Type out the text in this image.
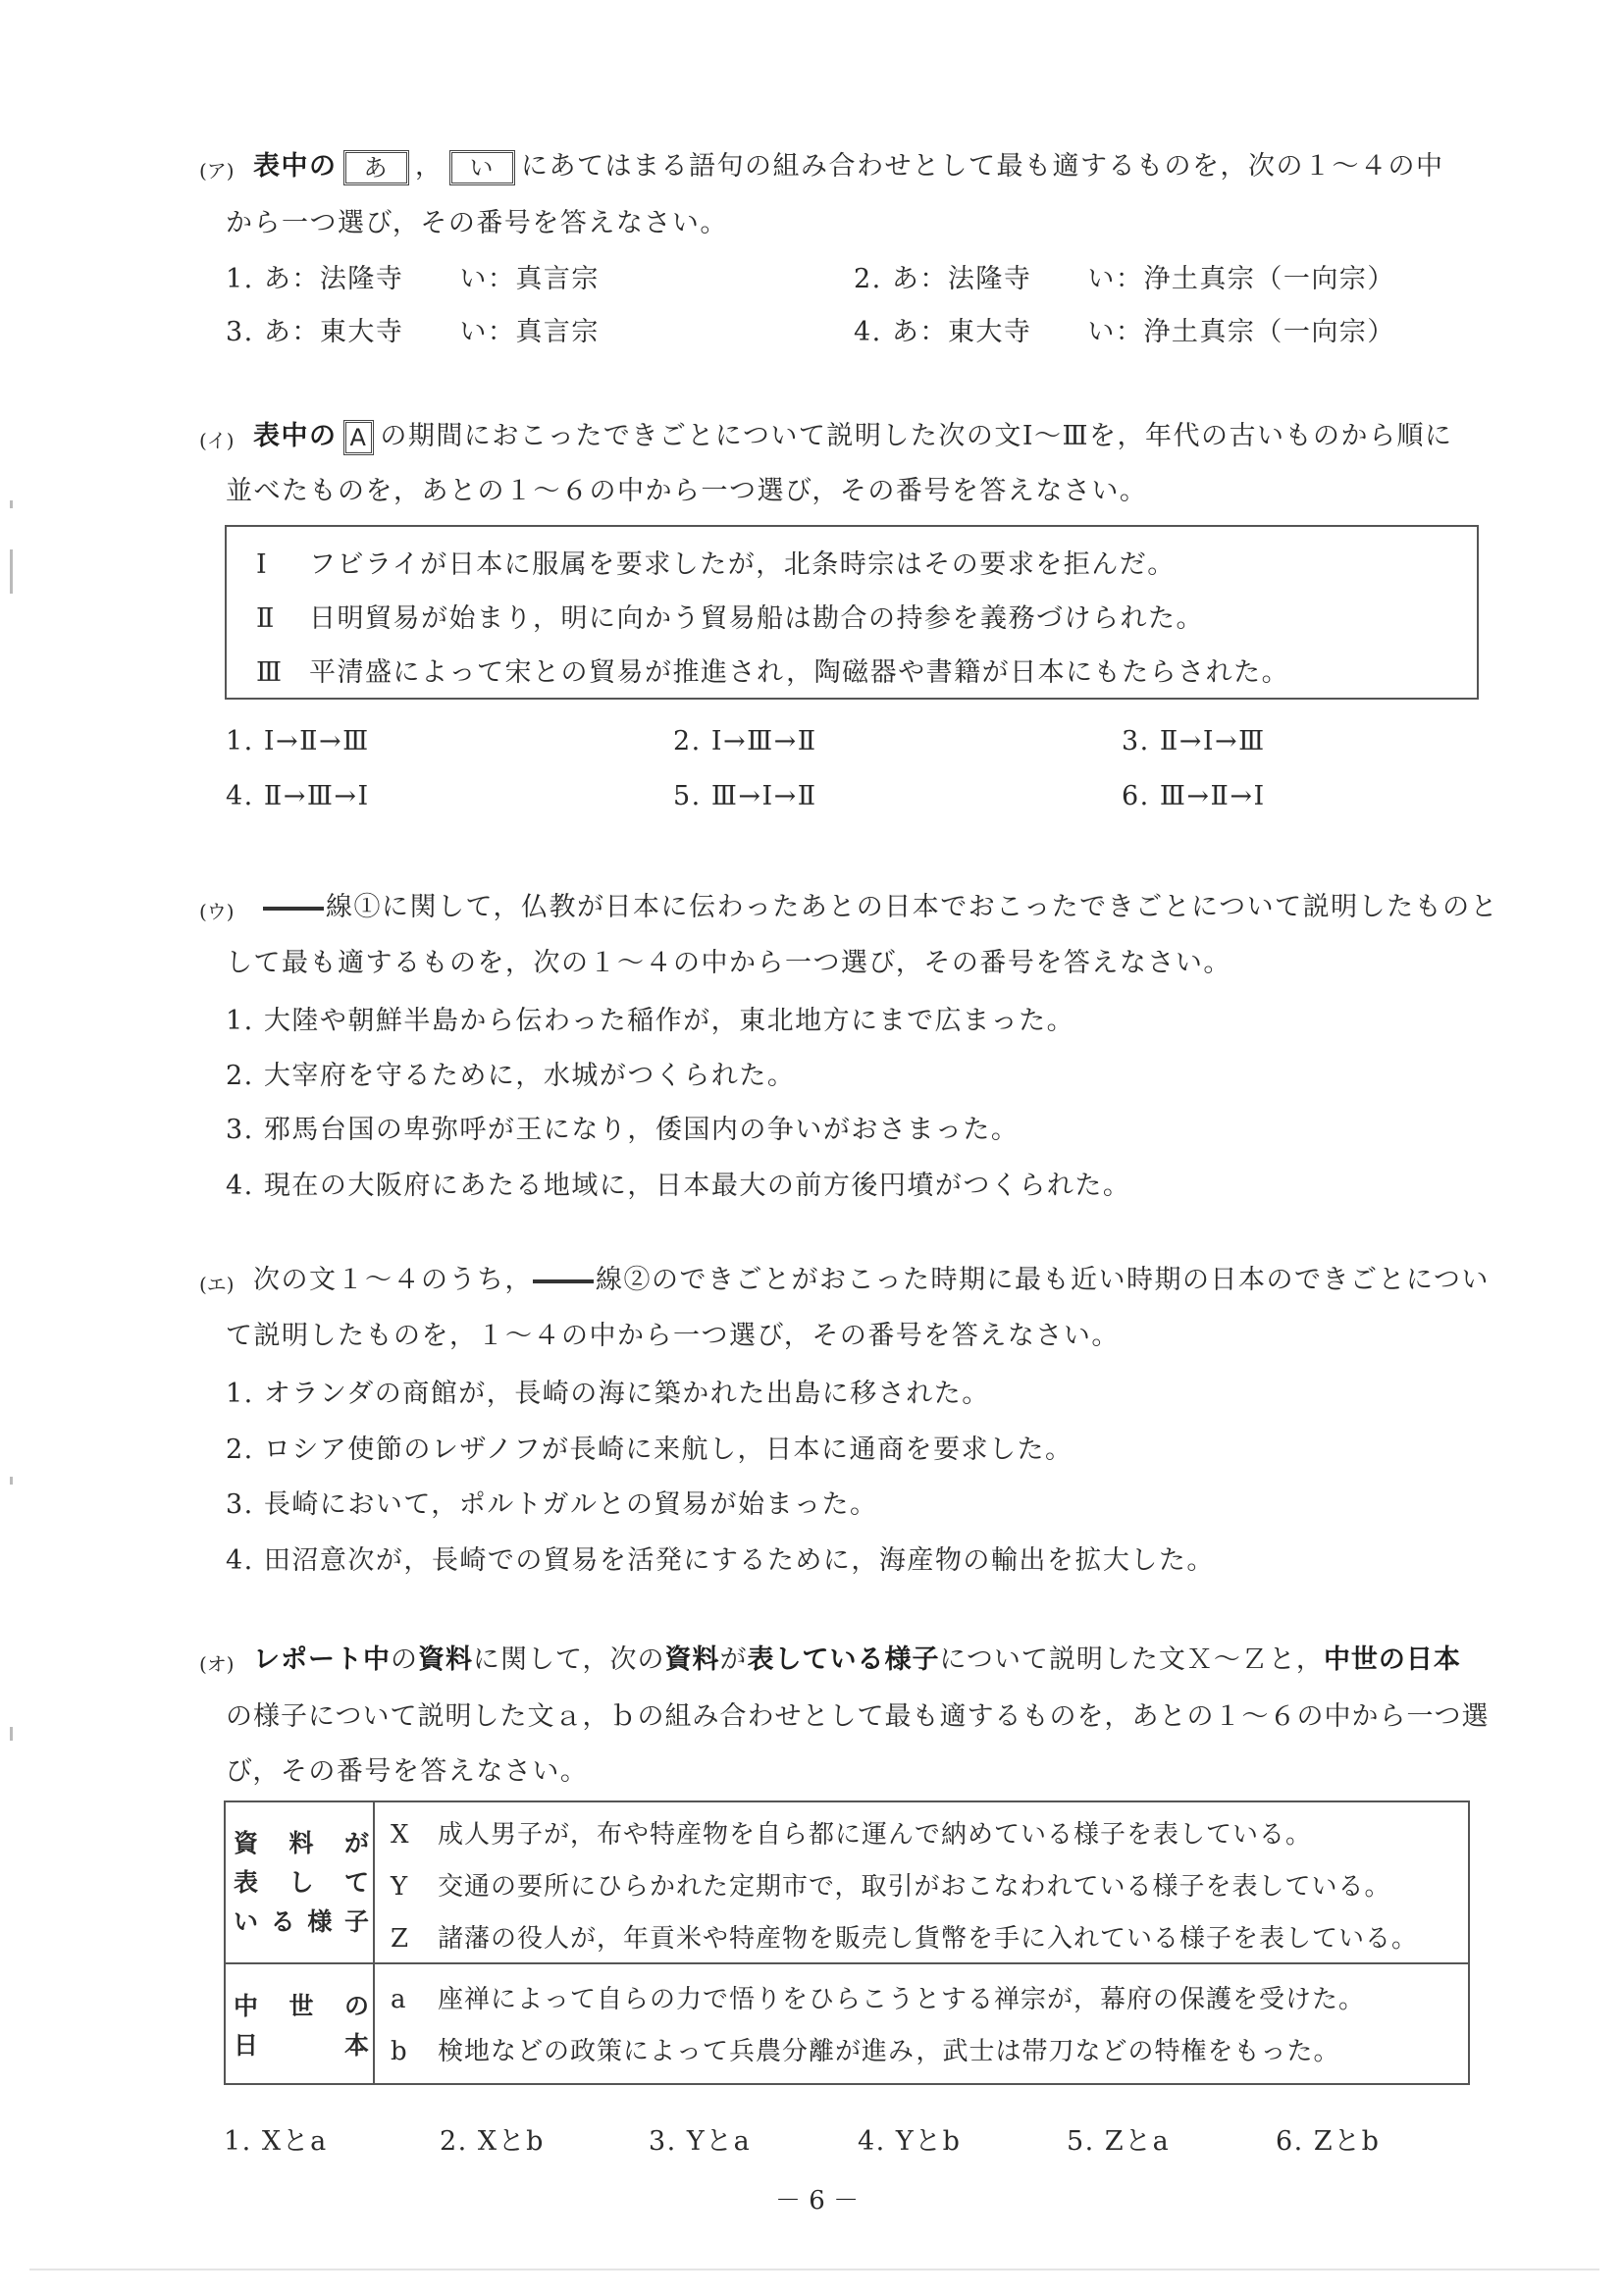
(ア) 表中の あ ， い にあてはまる語句の組み合わせとして最も適するものを，次の１～４の中
から一つ選び，その番号を答えなさい。
1. あ：法隆寺　　い：真言宗	2. あ：法隆寺　　い：浄土真宗（一向宗）
3. あ：東大寺　　い：真言宗	4. あ：東大寺　　い：浄土真宗（一向宗）
(イ) 表中の A の期間におこったできごとについて説明した次の文Ⅰ～Ⅲを，年代の古いものから順に
並べたものを，あとの１～６の中から一つ選び，その番号を答えなさい。
Ⅰ フビライが日本に服属を要求したが，北条時宗はその要求を拒んだ。
Ⅱ 日明貿易が始まり，明に向かう貿易船は勘合の持参を義務づけられた。
Ⅲ 平清盛によって宋との貿易が推進され，陶磁器や書籍が日本にもたらされた。
1. Ⅰ→Ⅱ→Ⅲ	2. Ⅰ→Ⅲ→Ⅱ	3. Ⅱ→Ⅰ→Ⅲ
4. Ⅱ→Ⅲ→Ⅰ	5. Ⅲ→Ⅰ→Ⅱ	6. Ⅲ→Ⅱ→Ⅰ
(ウ)	線①に関して，仏教が日本に伝わったあとの日本でおこったできごとについて説明したものと
して最も適するものを，次の１～４の中から一つ選び，その番号を答えなさい。
1. 大陸や朝鮮半島から伝わった稲作が，東北地方にまで広まった。
2. 大宰府を守るために，水城がつくられた。
3. 邪馬台国の卑弥呼が王になり，倭国内の争いがおさまった。
4. 現在の大阪府にあたる地域に，日本最大の前方後円墳がつくられた。
(エ) 次の文１～４のうち， 線②のできごとがおこった時期に最も近い時期の日本のできごとについ
て説明したものを，１～４の中から一つ選び，その番号を答えなさい。
1. オランダの商館が，長崎の海に築かれた出島に移された。
2. ロシア使節のレザノフが長崎に来航し，日本に通商を要求した。
3. 長崎において，ポルトガルとの貿易が始まった。
4. 田沼意次が，長崎での貿易を活発にするために，海産物の輸出を拡大した。
(オ) レポート中の資料に関して，次の資料が表している様子について説明した文Ｘ～Ｚと，中世の日本
の様子について説明した文ａ，ｂの組み合わせとして最も適するものを，あとの１～６の中から一つ選
び，その番号を答えなさい。
資 料 が
表 し て
いる様子
X 成人男子が，布や特産物を自ら都に運んで納めている様子を表している。
Y 交通の要所にひらかれた定期市で，取引がおこなわれている様子を表している。
Z 諸藩の役人が，年貢米や特産物を販売し貨幣を手に入れている様子を表している。
中 世 の
日　　本
a 座禅によって自らの力で悟りをひらこうとする禅宗が，幕府の保護を受けた。
b 検地などの政策によって兵農分離が進み，武士は帯刀などの特権をもった。
1. Xとa	2. Xとb	3. Yとa	4. Yとb	5. Zとa	6. Zとb
－ 6 －
